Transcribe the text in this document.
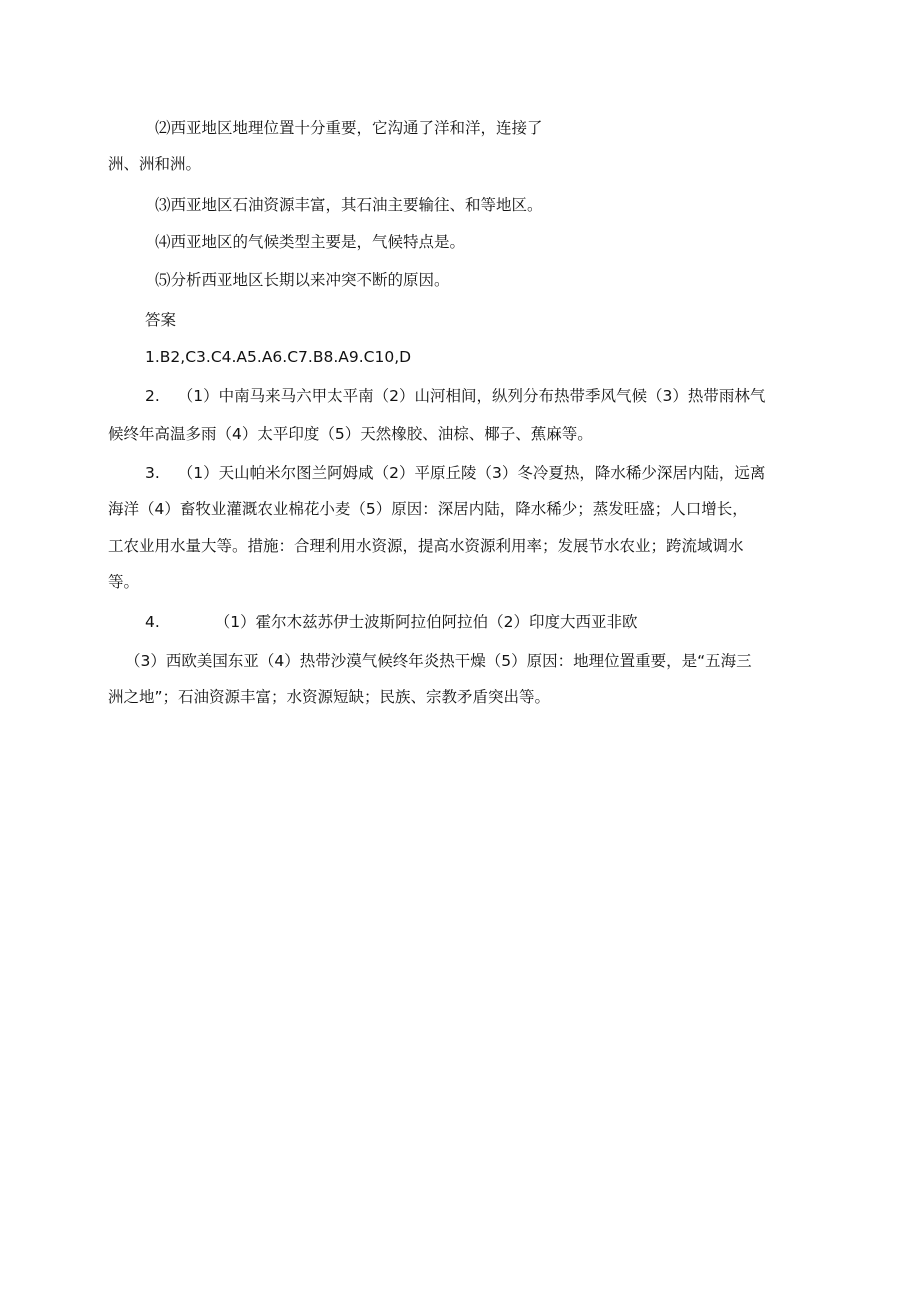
⑵西亚地区地理位置十分重要，它沟通了洋和洋，连接了
洲、洲和洲。
⑶西亚地区石油资源丰富，其石油主要输往、和等地区。
⑷西亚地区的气候类型主要是，气候特点是。
⑸分析西亚地区长期以来冲突不断的原因。
答案
1.B2,C3.C4.A5.A6.C7.B8.A9.C10,D
2. （1）中南马来马六甲太平南（2）山河相间，纵列分布热带季风气候（3）热带雨林气
候终年高温多雨（4）太平印度（5）天然橡胶、油棕、椰子、蕉麻等。
3. （1）天山帕米尔图兰阿姆咸（2）平原丘陵（3）冬冷夏热，降水稀少深居内陆，远离
海洋（4）畜牧业灌溉农业棉花小麦（5）原因：深居内陆，降水稀少；蒸发旺盛；人口增长，
工农业用水量大等。措施：合理利用水资源，提高水资源利用率；发展节水农业；跨流域调水
等。
4.	（1）霍尔木兹苏伊士波斯阿拉伯阿拉伯（2）印度大西亚非欧
（3）西欧美国东亚（4）热带沙漠气候终年炎热干燥（5）原因：地理位置重要，是“五海三
洲之地”；石油资源丰富；水资源短缺；民族、宗教矛盾突出等。
